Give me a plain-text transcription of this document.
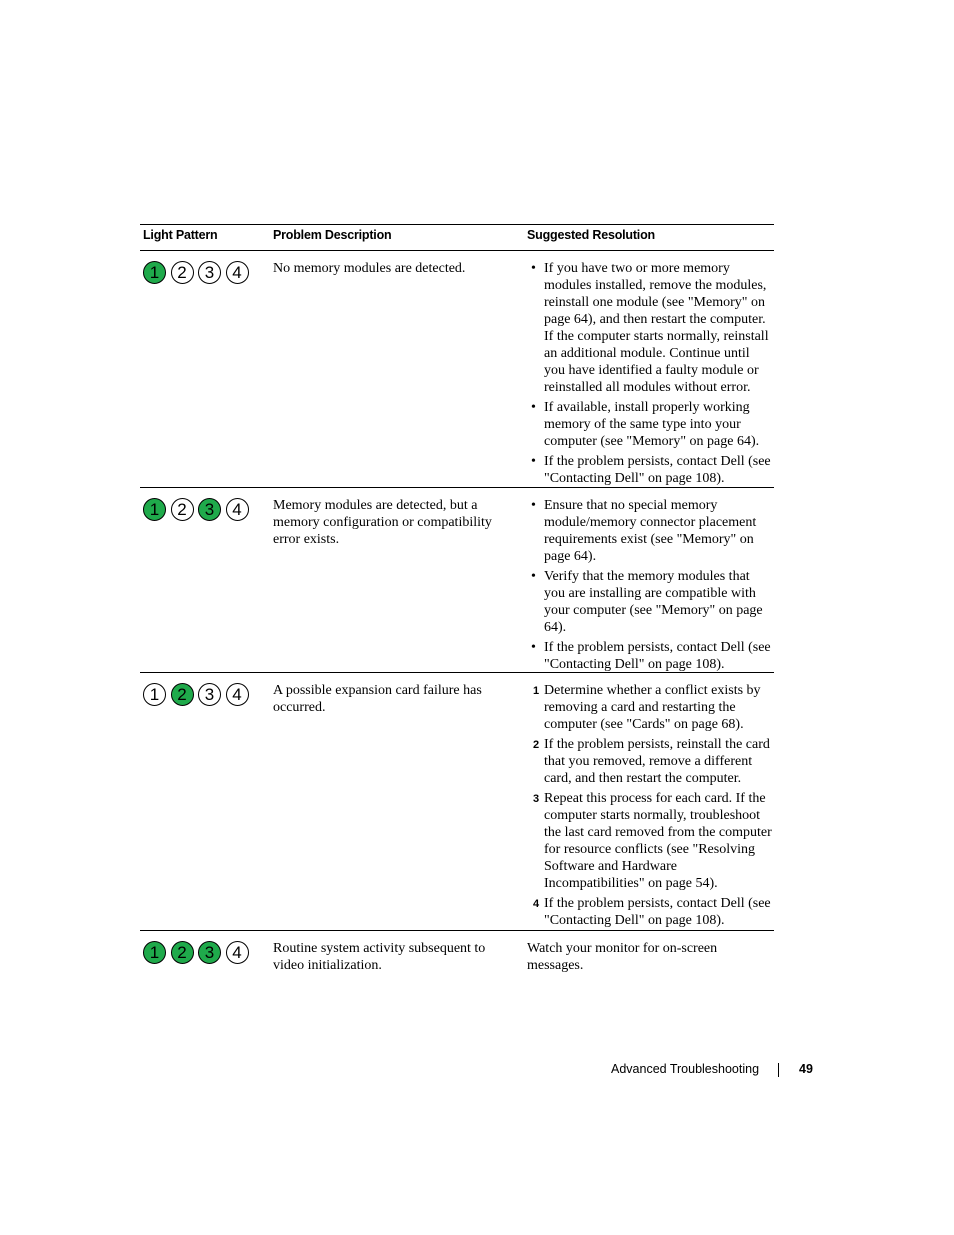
Light Pattern	Problem Description	Suggested Resolution
1	2	3	4	No memory modules are detected.
•	If you have two or more memory modules installed, remove the modules, reinstall one module (see "Memory" on page 64), and then restart the computer. If the computer starts normally, reinstall an additional module. Continue until you have identified a faulty module or reinstalled all modules without error.
• If available, install properly working memory of the same type into your computer (see "Memory" on page 64).
• If the problem persists, contact Dell (see "Contacting Dell" on page 108).
1	2	3	4	Memory modules are detected, but a memory configuration or compatibility error exists.
• Ensure that no special memory module/memory connector placement requirements exist (see "Memory" on page 64).
• Verify that the memory modules that you are installing are compatible with your computer (see "Memory" on page 64).
• If the problem persists, contact Dell (see "Contacting Dell" on page 108).
1	2	3	4	A possible expansion card failure has occurred.
1 Determine whether a conflict exists by removing a card and restarting the computer (see "Cards" on page 68).
2 If the problem persists, reinstall the card that you removed, remove a different card, and then restart the computer.
3 Repeat this process for each card. If the computer starts normally, troubleshoot the last card removed from the computer for resource conflicts (see "Resolving Software and Hardware Incompatibilities" on page 54).
4 If the problem persists, contact Dell (see "Contacting Dell" on page 108).
1	2	3	4	Routine system activity subsequent to video initialization.
Watch your monitor for on-screen messages.
Advanced Troubleshooting	49
